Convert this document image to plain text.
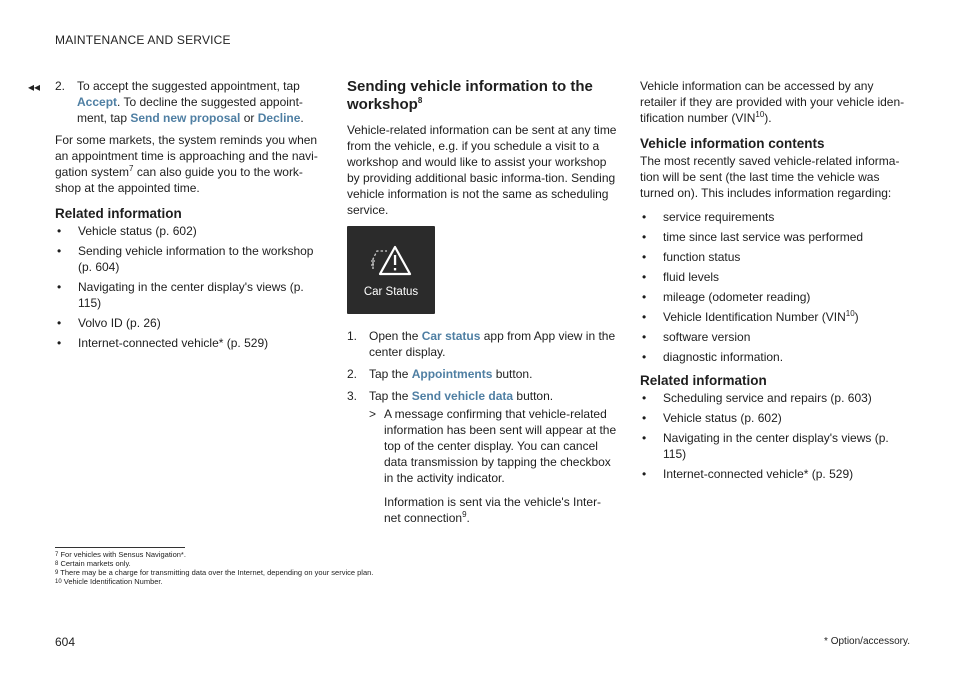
MAINTENANCE AND SERVICE
◂◂ 2. To accept the suggested appointment, tap Accept. To decline the suggested appoint-ment, tap Send new proposal or Decline.

For some markets, the system reminds you when an appointment time is approaching and the navi-gation system$^7$ can also guide you to the work-shop at the appointed time.

Related information
• Vehicle status (p. 602)
• Sending vehicle information to the workshop (p. 604)
• Navigating in the center display's views (p. 115)
• Volvo ID (p. 26)
• Internet-connected vehicle* (p. 529)
Sending vehicle information to the workshop$^8$

Vehicle-related information can be sent at any time from the vehicle, e.g. if you schedule a visit to a workshop and would like to assist your workshop by providing additional basic informa-tion. Sending vehicle information is not the same as scheduling service.

Car Status
1. Open the Car status app from App view in the center display.
2. Tap the Appointments button.
3. Tap the Send vehicle data button.
> A message confirming that vehicle-related information has been sent will appear at the top of the center display. You can cancel data transmission by tapping the checkbox in the activity indicator.

Information is sent via the vehicle's Inter-net connection$^9$.

Vehicle information can be accessed by any retailer if they are provided with your vehicle iden-tification number (VIN$^{10}$).

Vehicle information contents

The most recently saved vehicle-related informa-tion will be sent (the last time the vehicle was turned on). This includes information regarding:

• service requirements
• time since last service was performed
• function status
• fluid levels
• mileage (odometer reading)
• Vehicle Identification Number (VIN$^{10}$)
• software version
• diagnostic information.
Related information
• Scheduling service and repairs (p. 603)
• Vehicle status (p. 602)
• Navigating in the center display's views (p. 115)
• Internet-connected vehicle* (p. 529)
$^7$ For vehicles with Sensus Navigation*.
$^8$ Certain markets only.
$^9$ There may be a charge for transmitting data over the Internet, depending on your service plan.
$^{10}$ Vehicle Identification Number.
604	* Option/accessory.
